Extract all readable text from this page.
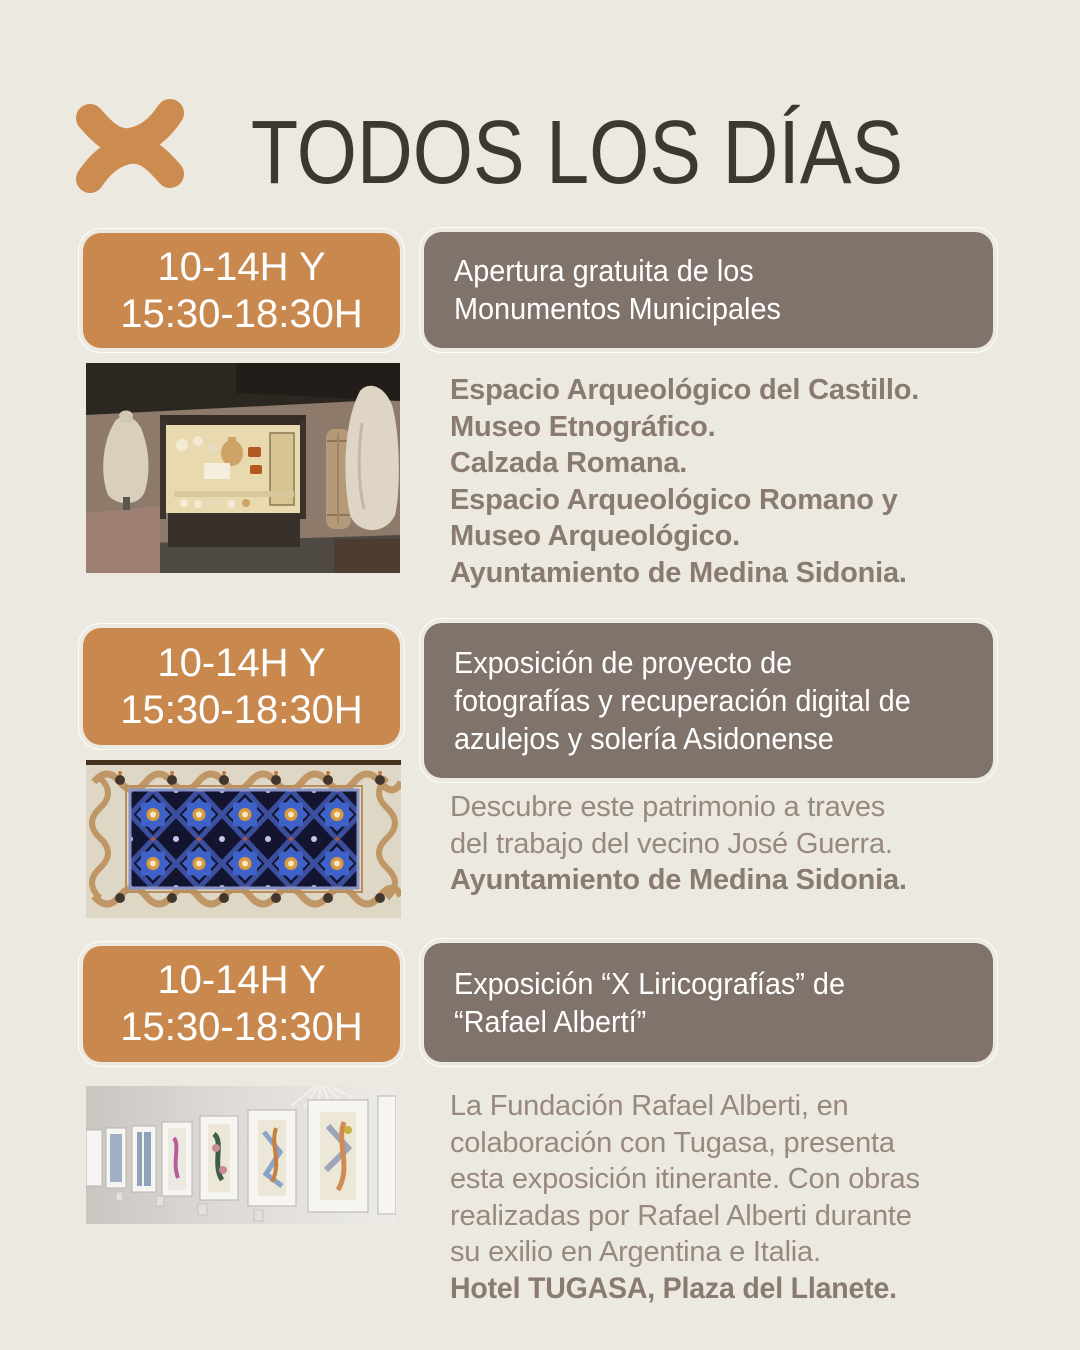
TODOS LOS DÍAS
10-14H Y
15:30-18:30H
Apertura gratuita de los
Monumentos Municipales
Espacio Arqueológico del Castillo.
Museo Etnográfico.
Calzada Romana.
Espacio Arqueológico Romano y
Museo Arqueológico.
Ayuntamiento de Medina Sidonia.
10-14H Y
15:30-18:30H
Exposición de proyecto de
fotografías y recuperación digital de
azulejos y solería Asidonense
Descubre este patrimonio a traves
del trabajo del vecino José Guerra.
Ayuntamiento de Medina Sidonia.
10-14H Y
15:30-18:30H
Exposición “X Liricografías” de
“Rafael Albertí”
La Fundación Rafael Alberti, en
colaboración con Tugasa, presenta
esta exposición itinerante. Con obras
realizadas por Rafael Alberti durante
su exilio en Argentina e Italia.
Hotel TUGASA, Plaza del Llanete.
